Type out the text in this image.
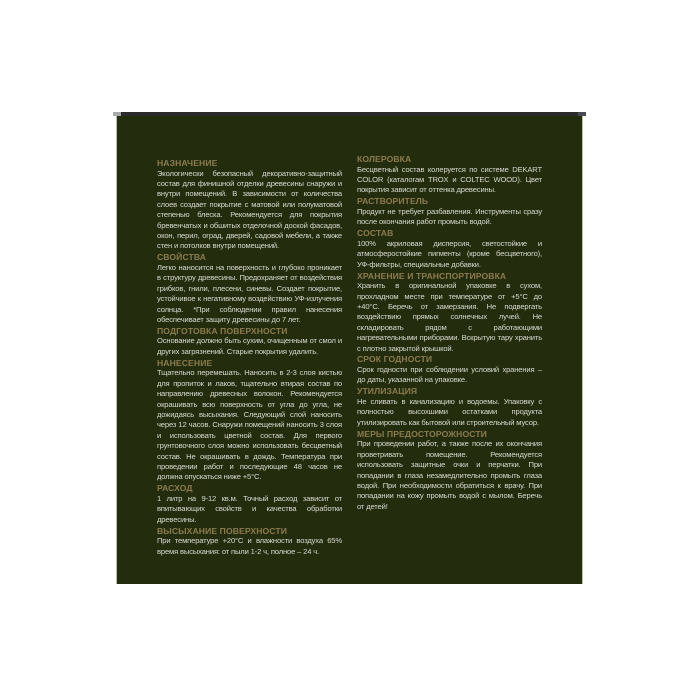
НАЗНАЧЕНИЕ

Экологически безопасный декоративно-защитный состав для финишной отделки древесины снаружи и внутри помещений. В зависимости от количества слоев создает покрытие с матовой или полуматовой степенью блеска. Рекомендуется для покрытия бревенчатых и обшитых отделочной доской фасадов, окон, перил, оград, дверей, садовой мебели, а также стен и потолков внутри помещений.

СВОЙСТВА

Легко наносится на поверхность и глубоко проникает в структуру древесины. Предохраняет от воздействия грибков, гнили, плесени, синевы. Создает покрытие, устойчивое к негативному воздействию УФ-излучения солнца. *При соблюдении правил нанесения обеспечивает защиту древесины до 7 лет.

ПОДГОТОВКА ПОВЕРХНОСТИ

Основание должно быть сухим, очищенным от смол и других загрязнений. Старые покрытия удалить.

НАНЕСЕНИЕ

Тщательно перемешать. Наносить в 2-3 слоя кистью для пропиток и лаков, тщательно втирая состав по направлению древесных волокон. Рекомендуется окрашивать всю поверхность от угла до угла, не дожидаясь высыхания. Следующий слой наносить через 12 часов. Снаружи помещений наносить 3 слоя и использовать цветной состав. Для первого грунтовочного слоя можно использовать бесцветный состав. Не окрашивать в дождь. Температура при проведении работ и последующие 48 часов не должна опускаться ниже +5°С.

РАСХОД

1 литр на 9-12 кв.м. Точный расход зависит от впитывающих свойств и качества обработки древесины.

ВЫСЫХАНИЕ ПОВЕРХНОСТИ

При температуре +20°С и влажности воздуха 65% время высыхания: от пыли 1-2 ч, полное – 24 ч.

КОЛЕРОВКА

Бесцветный состав колеруется по системе DEKART COLOR (каталогам TROX и COLTEC WOOD). Цвет покрытия зависит от оттенка древесины.

РАСТВОРИТЕЛЬ

Продукт не требует разбавления. Инструменты сразу после окончания работ промыть водой.

СОСТАВ

100% акриловая дисперсия, светостойкие и атмосферостойкие пигменты (кроме бесцветного), УФ-фильтры, специальные добавки.

ХРАНЕНИЕ И ТРАНСПОРТИРОВКА

Хранить в оригинальной упаковке в сухом, прохладном месте при температуре от +5°С до +40°С. Беречь от замерзания. Не подвергать воздействию прямых солнечных лучей. Не складировать рядом с работающими нагревательными приборами. Вскрытую тару хранить с плотно закрытой крышкой.

СРОК ГОДНОСТИ

Срок годности при соблюдении условий хранения – до даты, указанной на упаковке.

УТИЛИЗАЦИЯ

Не сливать в канализацию и водоемы. Упаковку с полностью высохшими остатками продукта утилизировать как бытовой или строительный мусор.

МЕРЫ ПРЕДОСТОРОЖНОСТИ

При проведении работ, а также после их окончания проветривать помещение. Рекомендуется использовать защитные очки и перчатки. При попадании в глаза незамедлительно промыть глаза водой. При необходимости обратиться к врачу. При попадании на кожу промыть водой с мылом. Беречь от детей!
